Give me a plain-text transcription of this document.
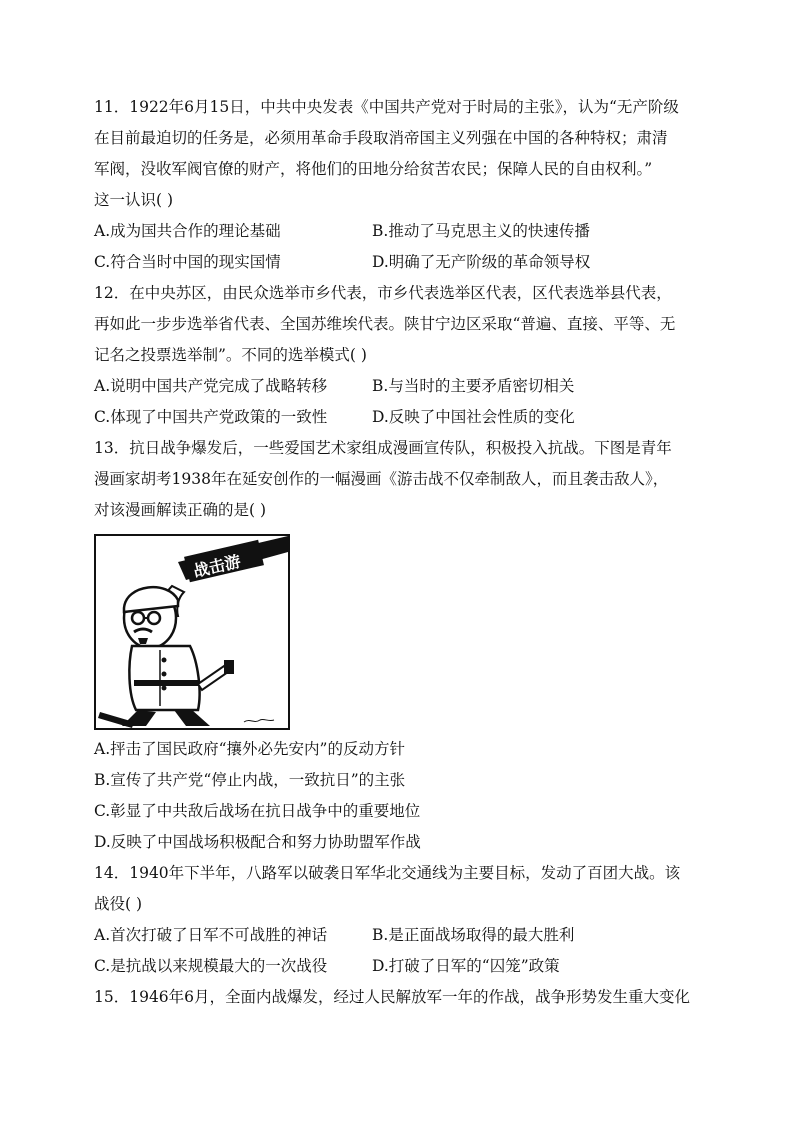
11．1922年6月15日，中共中央发表《中国共产党对于时局的主张》，认为“无产阶级
在目前最迫切的任务是，必须用革命手段取消帝国主义列强在中国的各种特权；肃清
军阀，没收军阀官僚的财产，将他们的田地分给贫苦农民；保障人民的自由权利。”
这一认识( )
A.成为国共合作的理论基础	B.推动了马克思主义的快速传播
C.符合当时中国的现实国情	D.明确了无产阶级的革命领导权
12．在中央苏区，由民众选举市乡代表，市乡代表选举区代表，区代表选举县代表，
再如此一步步选举省代表、全国苏维埃代表。陕甘宁边区采取“普遍、直接、平等、无
记名之投票选举制”。不同的选举模式( )
A.说明中国共产党完成了战略转移	B.与当时的主要矛盾密切相关
C.体现了中国共产党政策的一致性	D.反映了中国社会性质的变化
13．抗日战争爆发后，一些爱国艺术家组成漫画宣传队，积极投入抗战。下图是青年
漫画家胡考1938年在延安创作的一幅漫画《游击战不仅牵制敌人，而且袭击敌人》，
对该漫画解读正确的是( )
战击游
A.抨击了国民政府“攘外必先安内”的反动方针
B.宣传了共产党“停止内战，一致抗日”的主张
C.彰显了中共敌后战场在抗日战争中的重要地位
D.反映了中国战场积极配合和努力协助盟军作战
14．1940年下半年，八路军以破袭日军华北交通线为主要目标，发动了百团大战。该
战役( )
A.首次打破了日军不可战胜的神话	B.是正面战场取得的最大胜利
C.是抗战以来规模最大的一次战役	D.打破了日军的“囚笼”政策
15．1946年6月，全面内战爆发，经过人民解放军一年的作战，战争形势发生重大变化
